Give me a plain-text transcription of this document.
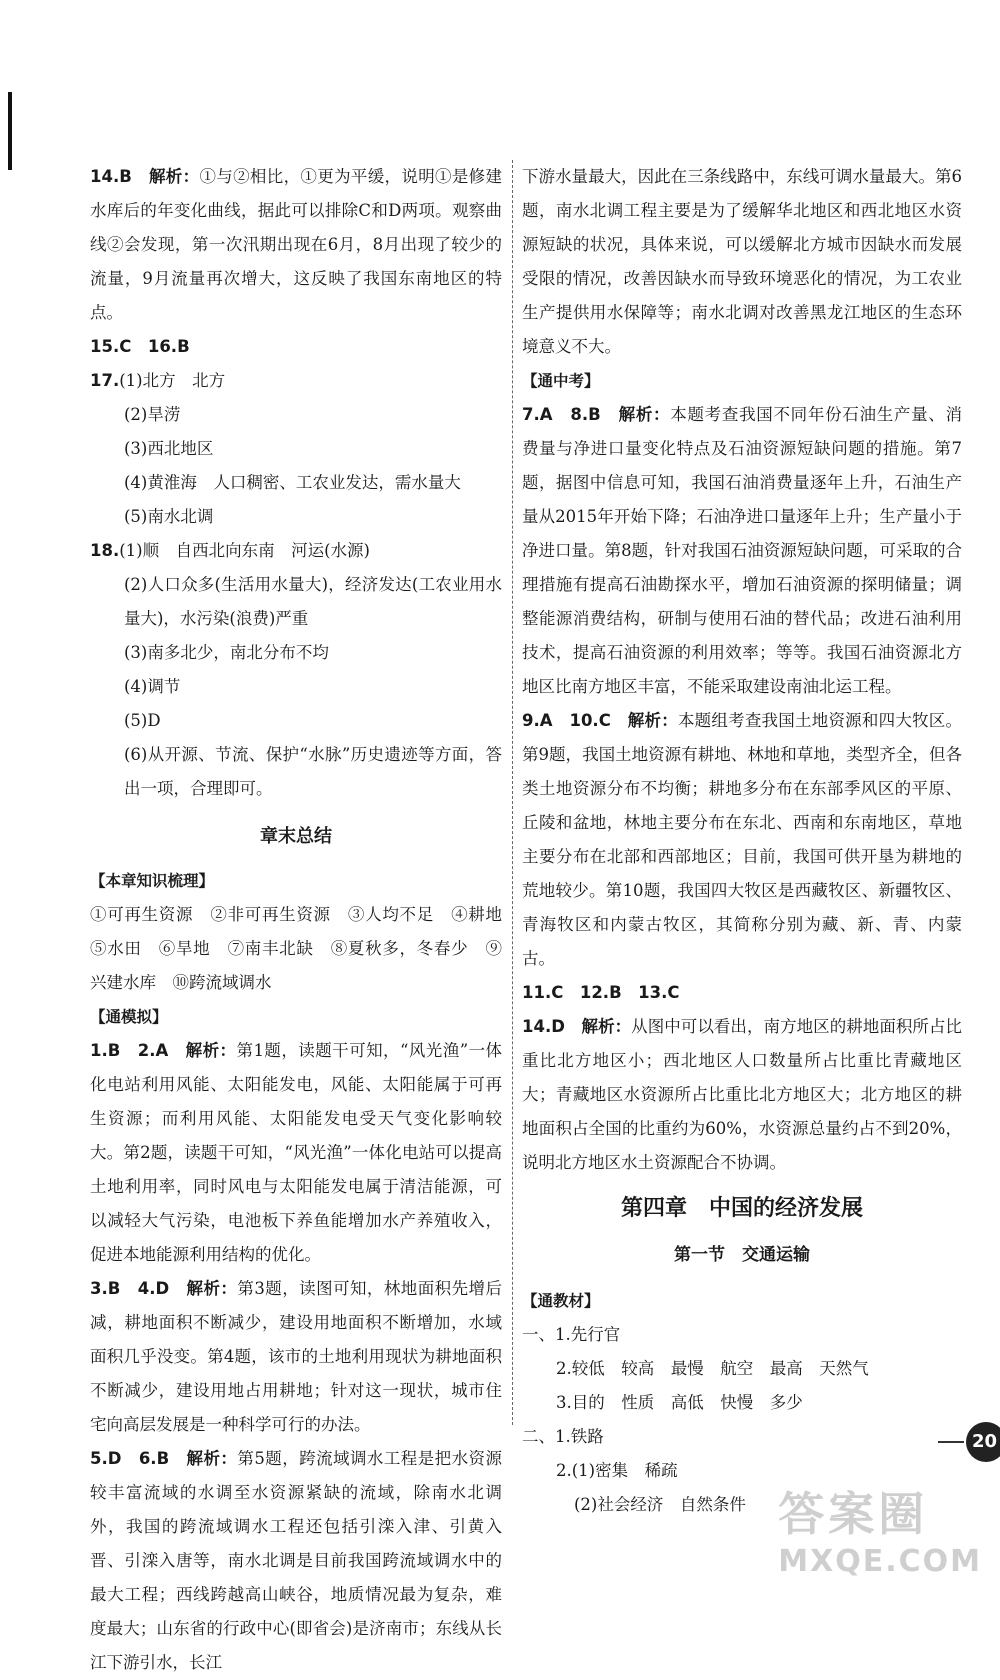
14.B　 解析：①与②相比，①更为平缓，说明①是修建水库后的年变化曲线，据此可以排除C和D两项。观察曲线②会发现，第一次汛期出现在6月，8月出现了较少的流量，9月流量再次增大，这反映了我国东南地区的特点。

15.C　16.B

17.(1)北方　北方

(2)旱涝

(3)西北地区

(4)黄淮海　人口稠密、工农业发达，需水量大

(5)南水北调

18.(1)顺　自西北向东南　河运(水源)

(2)人口众多(生活用水量大)，经济发达(工农业用水量大)，水污染(浪费)严重

(3)南多北少，南北分布不均

(4)调节

(5)D

(6)从开源、节流、保护“水脉”历史遗迹等方面，答出一项，合理即可。

章末总结

【本章知识梳理】

①可再生资源　②非可再生资源　③人均不足　④耕地　⑤水田　⑥旱地　⑦南丰北缺　⑧夏秋多，冬春少　⑨兴建水库　⑩跨流域调水

【通模拟】

1.B　2.A　 解析：第1题，读题干可知，“风光渔”一体化电站利用风能、太阳能发电，风能、太阳能属于可再生资源；而利用风能、太阳能发电受天气变化影响较大。第2题，读题干可知，“风光渔”一体化电站可以提高土地利用率，同时风电与太阳能发电属于清洁能源，可以减轻大气污染，电池板下养鱼能增加水产养殖收入，促进本地能源利用结构的优化。

3.B　4.D　 解析：第3题，读图可知，林地面积先增后减，耕地面积不断减少，建设用地面积不断增加，水域面积几乎没变。第4题，该市的土地利用现状为耕地面积不断减少，建设用地占用耕地；针对这一现状，城市住宅向高层发展是一种科学可行的办法。

5.D　6.B　 解析：第5题，跨流域调水工程是把水资源较丰富流域的水调至水资源紧缺的流域，除南水北调外，我国的跨流域调水工程还包括引滦入津、引黄入晋、引滦入唐等，南水北调是目前我国跨流域调水中的最大工程；西线跨越高山峡谷，地质情况最为复杂，难度最大；山东省的行政中心(即省会)是济南市；东线从长江下游引水，长江

下游水量最大，因此在三条线路中，东线可调水量最大。第6题，南水北调工程主要是为了缓解华北地区和西北地区水资源短缺的状况，具体来说，可以缓解北方城市因缺水而发展受限的情况，改善因缺水而导致环境恶化的情况，为工农业生产提供用水保障等；南水北调对改善黑龙江地区的生态环境意义不大。

【通中考】

7.A　8.B　 解析：本题考查我国不同年份石油生产量、消费量与净进口量变化特点及石油资源短缺问题的措施。第7题，据图中信息可知，我国石油消费量逐年上升，石油生产量从2015年开始下降；石油净进口量逐年上升；生产量小于净进口量。第8题，针对我国石油资源短缺问题，可采取的合理措施有提高石油勘探水平，增加石油资源的探明储量；调整能源消费结构，研制与使用石油的替代品；改进石油利用技术，提高石油资源的利用效率；等等。我国石油资源北方地区比南方地区丰富，不能采取建设南油北运工程。

9.A　10.C　 解析：本题组考查我国土地资源和四大牧区。第9题，我国土地资源有耕地、林地和草地，类型齐全，但各类土地资源分布不均衡；耕地多分布在东部季风区的平原、丘陵和盆地，林地主要分布在东北、西南和东南地区，草地主要分布在北部和西部地区；目前，我国可供开垦为耕地的荒地较少。第10题，我国四大牧区是西藏牧区、新疆牧区、青海牧区和内蒙古牧区，其简称分别为藏、新、青、内蒙古。

11.C　12.B　13.C

14.D　 解析：从图中可以看出，南方地区的耕地面积所占比重比北方地区小；西北地区人口数量所占比重比青藏地区大；青藏地区水资源所占比重比北方地区大；北方地区的耕地面积占全国的比重约为60%，水资源总量约占不到20%，说明北方地区水土资源配合不协调。

第四章　中国的经济发展
第一节　交通运输

【通教材】

一、1.先行官

2.较低　较高　最慢　航空　最高　天然气

3.目的　性质　高低　快慢　多少

二、1.铁路

2.(1)密集　稀疏

(2)社会经济　自然条件

20
答案圈
MXQE.COM
